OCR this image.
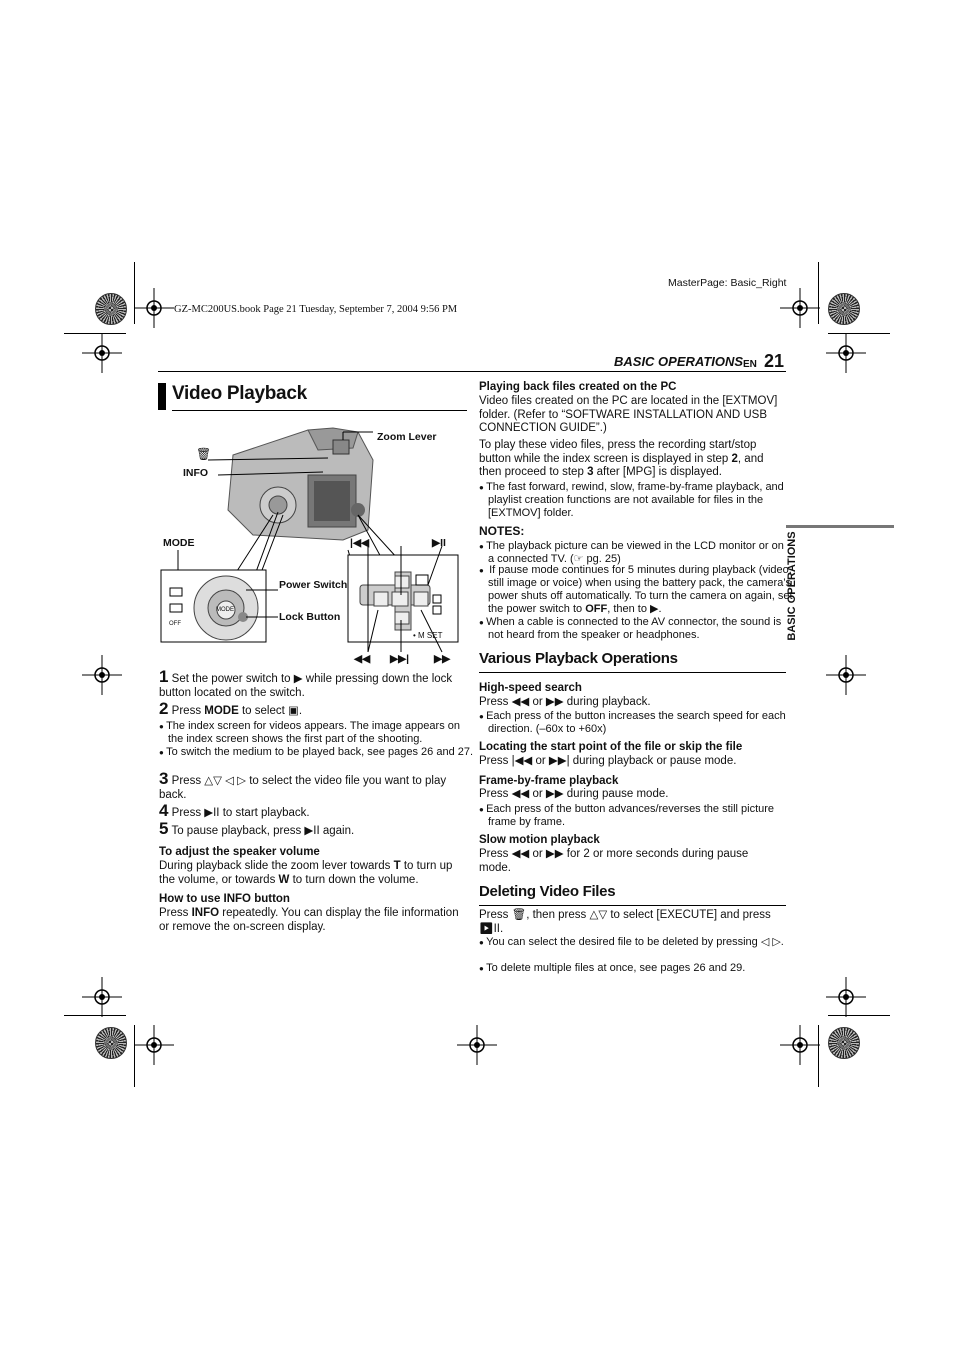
MasterPage: Basic_Right
GZ-MC200US.book Page 21 Tuesday, September 7, 2004 9:56 PM
BASIC OPERATIONS EN 21
BASIC OPERATIONS
Video Playback
Zoom Lever
🗑
INFO
MODE	|◀◀	▶II
Power Switch
Lock Button
MODE
OFF
• M SET
◀◀ ▶▶| ▶▶
1 Set the power switch to ▶ while pressing down the lock button located on the switch.
2 Press MODE to select ▣.
● The index screen for videos appears. The image appears on the index screen shows the first part of the shooting.
● To switch the medium to be played back, see pages 26 and 27.
3 Press △▽ ◁ ▷ to select the video file you want to play back.
4 Press ▶II to start playback.
5 To pause playback, press ▶II again.
To adjust the speaker volume
During playback slide the zoom lever towards T to turn up the volume, or towards W to turn down the volume.
How to use INFO button
Press INFO repeatedly. You can display the file information or remove the on-screen display.
Playing back files created on the PC
Video files created on the PC are located in the [EXTMOV] folder. (Refer to “SOFTWARE INSTALLATION AND USB CONNECTION GUIDE”.)
To play these video files, press the recording start/stop button while the index screen is displayed in step 2, and then proceed to step 3 after [MPG] is displayed.
● The fast forward, rewind, slow, frame-by-frame playback, and playlist creation functions are not available for files in the [EXTMOV] folder.
NOTES:
● The playback picture can be viewed in the LCD monitor or on a connected TV. (☞ pg. 25)
● If pause mode continues for 5 minutes during playback (video, still image or voice) when using the battery pack, the camera’s power shuts off automatically. To turn the camera on again, set the power switch to OFF, then to ▶.
● When a cable is connected to the AV connector, the sound is not heard from the speaker or headphones.
Various Playback Operations
High-speed search
Press ◀◀ or ▶▶ during playback.
● Each press of the button increases the search speed for each direction. (–60x to +60x)
Locating the start point of the file or skip the file
Press |◀◀ or ▶▶| during playback or pause mode.
Frame-by-frame playback
Press ◀◀ or ▶▶ during pause mode.
● Each press of the button advances/reverses the still picture frame by frame.
Slow motion playback
Press ◀◀ or ▶▶ for 2 or more seconds during pause mode.
Deleting Video Files
Press 🗑, then press △▽ to select [EXECUTE] and press ▶II.
● You can select the desired file to be deleted by pressing ◁ ▷.
● To delete multiple files at once, see pages 26 and 29.
